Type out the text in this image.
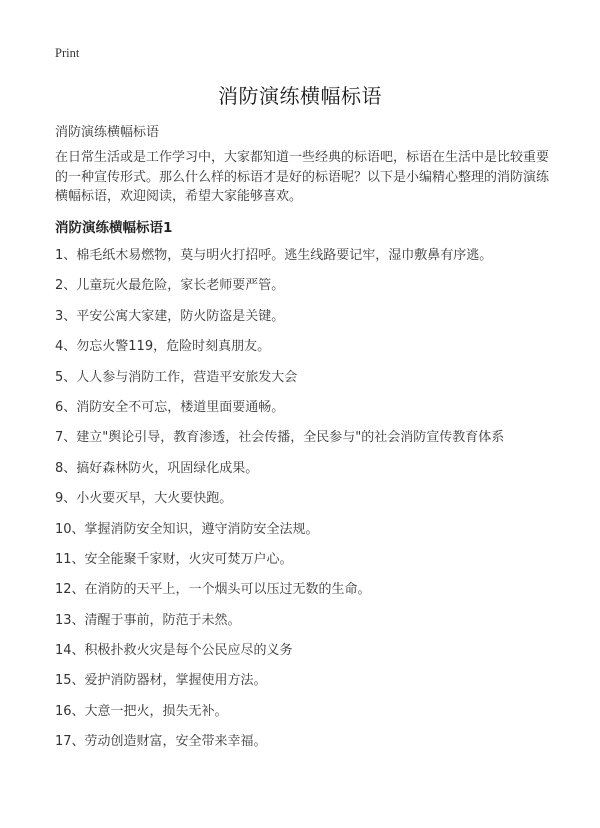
Print
消防演练横幅标语
消防演练横幅标语

在日常生活或是工作学习中，大家都知道一些经典的标语吧，标语在生活中是比较重要的一种宣传形式。那么什么样的标语才是好的标语呢？以下是小编精心整理的消防演练横幅标语，欢迎阅读，希望大家能够喜欢。

消防演练横幅标语1
1、棉毛纸木易燃物，莫与明火打招呼。逃生线路要记牢，湿巾敷鼻有序逃。
2、儿童玩火最危险，家长老师要严管。
3、平安公寓大家建，防火防盗是关键。
4、勿忘火警119，危险时刻真朋友。
5、人人参与消防工作，营造平安旅发大会
6、消防安全不可忘，楼道里面要通畅。
7、建立"舆论引导，教育渗透，社会传播，全民参与"的社会消防宣传教育体系
8、搞好森林防火，巩固绿化成果。
9、小火要灭早，大火要快跑。
10、掌握消防安全知识，遵守消防安全法规。
11、安全能聚千家财，火灾可焚万户心。
12、在消防的天平上，一个烟头可以压过无数的生命。
13、清醒于事前，防范于未然。
14、积极扑救火灾是每个公民应尽的义务
15、爱护消防器材，掌握使用方法。
16、大意一把火，损失无补。
17、劳动创造财富，安全带来幸福。
